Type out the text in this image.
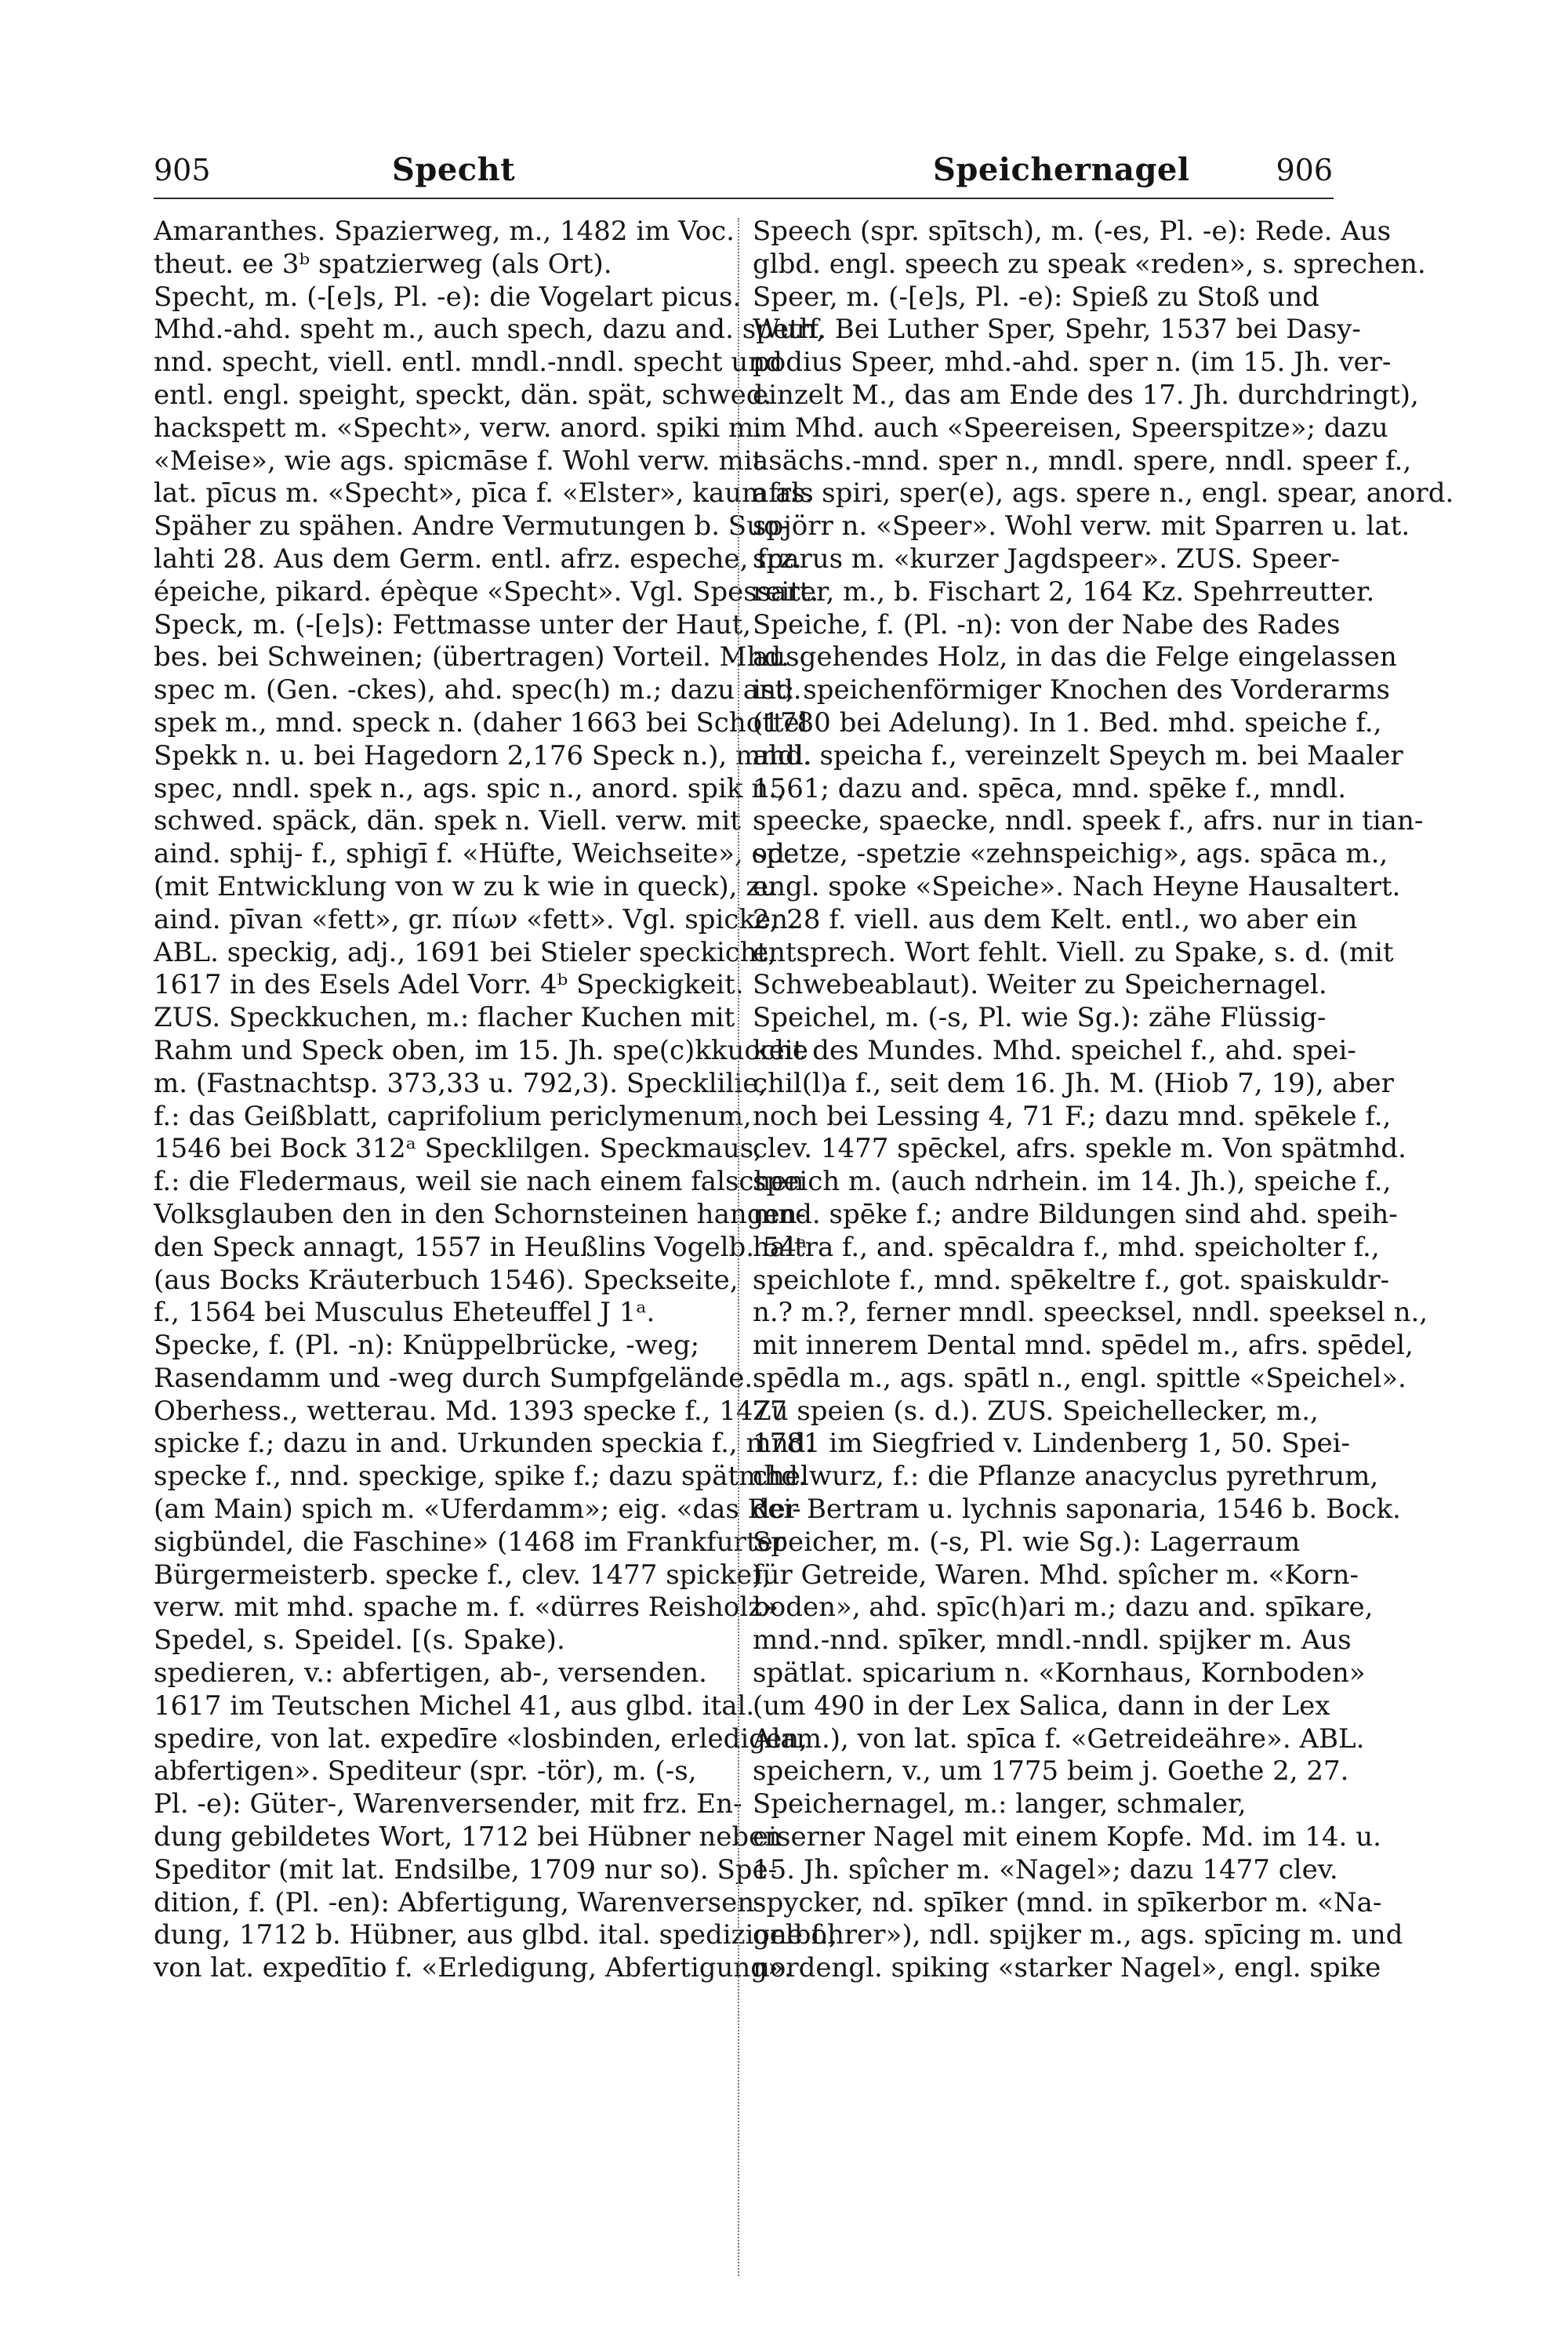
905	Specht	Speichernagel	906
Amaranthes. Spazierweg, m., 1482 im Voc.
theut. ee 3ᵇ spatzierweg (als Ort).
Specht, m. (-[e]s, Pl. -e): die Vogelart picus.
Mhd.-ahd. speht m., auch spech, dazu and. speth,
nnd. specht, viell. entl. mndl.-nndl. specht und
entl. engl. speight, speckt, dän. spät, schwed.
hackspett m. «Specht», verw. anord. spiki m.
«Meise», wie ags. spicmāse f. Wohl verw. mit
lat. pīcus m. «Specht», pīca f. «Elster», kaum als
Späher zu spähen. Andre Vermutungen b. Suo-
lahti 28. Aus dem Germ. entl. afrz. espeche, frz.
épeiche, pikard. épèque «Specht». Vgl. Spessart.
Speck, m. (-[e]s): Fettmasse unter der Haut,
bes. bei Schweinen; (übertragen) Vorteil. Mhd.
spec m. (Gen. -ckes), ahd. spec(h) m.; dazu and.
spek m., mnd. speck n. (daher 1663 bei Schottel
Spekk n. u. bei Hagedorn 2,176 Speck n.), mndl.
spec, nndl. spek n., ags. spic n., anord. spik n.,
schwed. späck, dän. spek n. Viell. verw. mit
aind. sphij- f., sphigī f. «Hüfte, Weichseite», od.
(mit Entwicklung von w zu k wie in queck), zu
aind. pīvan «fett», gr. πίων «fett». Vgl. spicken.
ABL. speckig, adj., 1691 bei Stieler speckicht,
1617 in des Esels Adel Vorr. 4ᵇ Speckigkeit.
ZUS. Speckkuchen, m.: flacher Kuchen mit
Rahm und Speck oben, im 15. Jh. spe(c)kkuoche
m. (Fastnachtsp. 373,33 u. 792,3). Specklilie,
f.: das Geißblatt, caprifolium periclymenum,
1546 bei Bock 312ᵃ Specklilgen. Speckmaus,
f.: die Fledermaus, weil sie nach einem falschen
Volksglauben den in den Schornsteinen hangen-
den Speck annagt, 1557 in Heußlins Vogelb. 54ᵃ
(aus Bocks Kräuterbuch 1546). Speckseite,
f., 1564 bei Musculus Eheteuffel J 1ᵃ.
Specke, f. (Pl. -n): Knüppelbrücke, -weg;
Rasendamm und -weg durch Sumpfgelände.
Oberhess., wetterau. Md. 1393 specke f., 1477
spicke f.; dazu in and. Urkunden speckia f., mnd.
specke f., nnd. speckige, spike f.; dazu spätmhd.
(am Main) spich m. «Uferdamm»; eig. «das Rei-
sigbündel, die Faschine» (1468 im Frankfurter
Bürgermeisterb. specke f., clev. 1477 spicke),
verw. mit mhd. spache m. f. «dürres Reisholz»
Spedel, s. Speidel. [(s. Spake).
spedieren, v.: abfertigen, ab-, versenden.
1617 im Teutschen Michel 41, aus glbd. ital.
spedire, von lat. expedīre «losbinden, erledigen,
abfertigen». Spediteur (spr. -tör), m. (-s,
Pl. -e): Güter-, Warenversender, mit frz. En-
dung gebildetes Wort, 1712 bei Hübner neben
Speditor (mit lat. Endsilbe, 1709 nur so). Spe-
dition, f. (Pl. -en): Abfertigung, Warenversen-
dung, 1712 b. Hübner, aus glbd. ital. spedizione f.,
von lat. expedītio f. «Erledigung, Abfertigung».
Speech (spr. spītsch), m. (-es, Pl. -e): Rede. Aus
glbd. engl. speech zu speak «reden», s. sprechen.
Speer, m. (-[e]s, Pl. -e): Spieß zu Stoß und
Wurf. Bei Luther Sper, Spehr, 1537 bei Dasy-
podius Speer, mhd.-ahd. sper n. (im 15. Jh. ver-
einzelt M., das am Ende des 17. Jh. durchdringt),
im Mhd. auch «Speereisen, Speerspitze»; dazu
asächs.-mnd. sper n., mndl. spere, nndl. speer f.,
afrs. spiri, sper(e), ags. spere n., engl. spear, anord.
spjörr n. «Speer». Wohl verw. mit Sparren u. lat.
sparus m. «kurzer Jagdspeer». ZUS. Speer-
reiter, m., b. Fischart 2, 164 Kz. Spehrreutter.
Speiche, f. (Pl. -n): von der Nabe des Rades
ausgehendes Holz, in das die Felge eingelassen
ist; speichenförmiger Knochen des Vorderarms
(1780 bei Adelung). In 1. Bed. mhd. speiche f.,
ahd. speicha f., vereinzelt Speych m. bei Maaler
1561; dazu and. spēca, mnd. spēke f., mndl.
speecke, spaecke, nndl. speek f., afrs. nur in tian-
spetze, -spetzie «zehnspeichig», ags. spāca m.,
engl. spoke «Speiche». Nach Heyne Hausaltert.
2, 28 f. viell. aus dem Kelt. entl., wo aber ein
entsprech. Wort fehlt. Viell. zu Spake, s. d. (mit
Schwebeablaut). Weiter zu Speichernagel.
Speichel, m. (-s, Pl. wie Sg.): zähe Flüssig-
keit des Mundes. Mhd. speichel f., ahd. spei-
chil(l)a f., seit dem 16. Jh. M. (Hiob 7, 19), aber
noch bei Lessing 4, 71 F.; dazu mnd. spēkele f.,
clev. 1477 spēckel, afrs. spekle m. Von spätmhd.
speich m. (auch ndrhein. im 14. Jh.), speiche f.,
mnd. spēke f.; andre Bildungen sind ahd. speih-
haltra f., and. spēcaldra f., mhd. speicholter f.,
speichlote f., mnd. spēkeltre f., got. spaiskuldr-
n.? m.?, ferner mndl. speecksel, nndl. speeksel n.,
mit innerem Dental mnd. spēdel m., afrs. spēdel,
spēdla m., ags. spātl n., engl. spittle «Speichel».
Zu speien (s. d.). ZUS. Speichellecker, m.,
1781 im Siegfried v. Lindenberg 1, 50. Spei-
chelwurz, f.: die Pflanze anacyclus pyrethrum,
der Bertram u. lychnis saponaria, 1546 b. Bock.
Speicher, m. (-s, Pl. wie Sg.): Lagerraum
für Getreide, Waren. Mhd. spîcher m. «Korn-
boden», ahd. spīc(h)ari m.; dazu and. spīkare,
mnd.-nnd. spīker, mndl.-nndl. spijker m. Aus
spätlat. spicarium n. «Kornhaus, Kornboden»
(um 490 in der Lex Salica, dann in der Lex
Alam.), von lat. spīca f. «Getreideähre». ABL.
speichern, v., um 1775 beim j. Goethe 2, 27.
Speichernagel, m.: langer, schmaler,
eiserner Nagel mit einem Kopfe. Md. im 14. u.
15. Jh. spîcher m. «Nagel»; dazu 1477 clev.
spycker, nd. spīker (mnd. in spīkerbor m. «Na-
gelbohrer»), ndl. spijker m., ags. spīcing m. und
nordengl. spiking «starker Nagel», engl. spike
